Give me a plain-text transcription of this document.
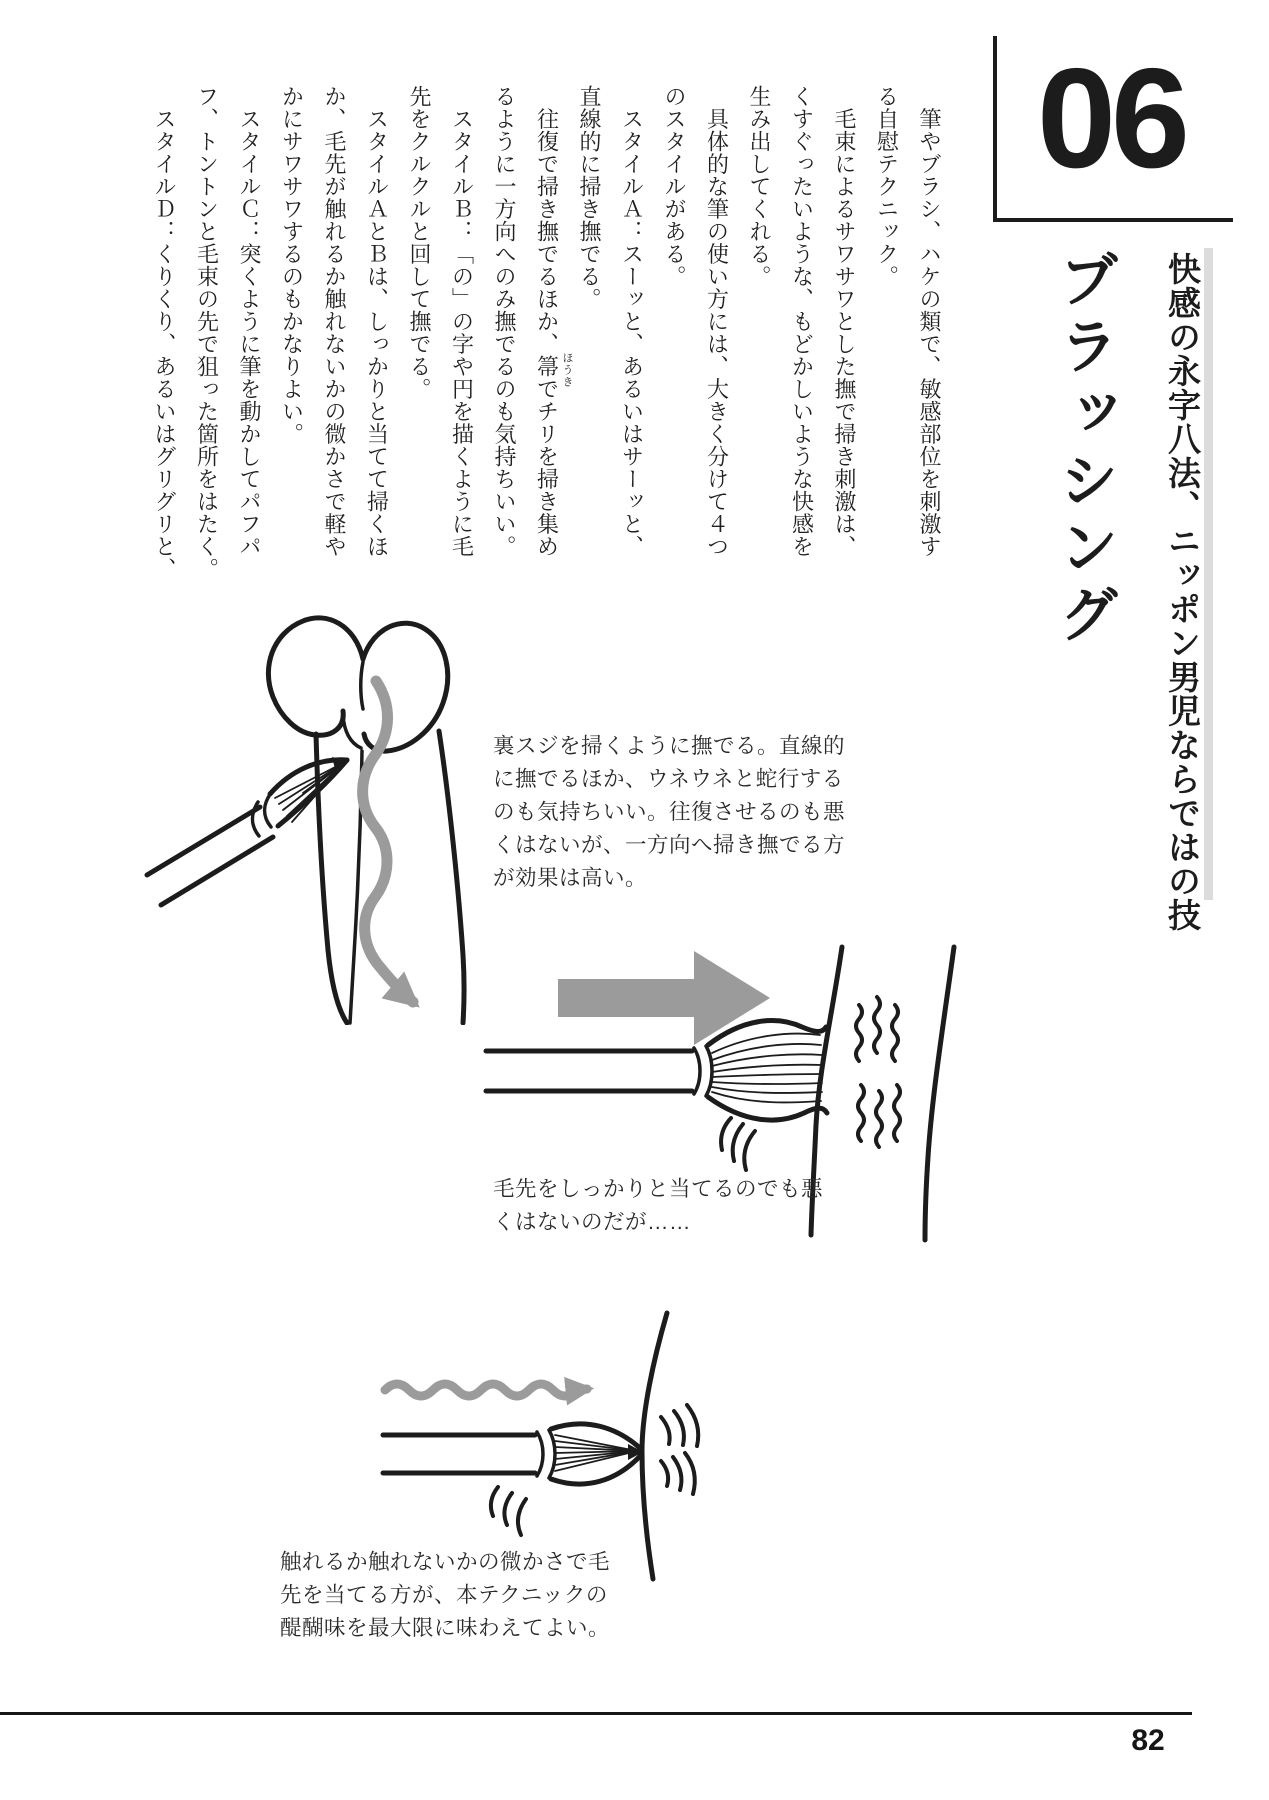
06
快感の永字八法、ニッポン男児ならではの技
ブラッシング
　筆やブラシ、ハケの類で、敏感部位を刺激す
る自慰テクニック。
　毛束によるサワサワとした撫で掃き刺激は、
くすぐったいような、もどかしいような快感を
生み出してくれる。
　具体的な筆の使い方には、大きく分けて４つ
のスタイルがある。
　スタイルＡ：スーッと、あるいはサーッと、
直線的に掃き撫でる。
　往復で掃き撫でるほか、箒でチリを掃き集め
るように一方向へのみ撫でるのも気持ちいい。
　スタイルＢ：「の」の字や円を描くように毛
先をクルクルと回して撫でる。
　スタイルＡとＢは、しっかりと当てて掃くほ
か、毛先が触れるか触れないかの微かさで軽や
かにサワサワするのもかなりよい。
　スタイルＣ：突くように筆を動かしてパフパ
フ、トントンと毛束の先で狙った箇所をはたく。
　スタイルＤ：くりくり、あるいはグリグリと、	ほうき
裏スジを掃くように撫でる。直線的
に撫でるほか、ウネウネと蛇行する
のも気持ちいい。往復させるのも悪
くはないが、一方向へ掃き撫でる方
が効果は高い。
毛先をしっかりと当てるのでも悪
くはないのだが……
触れるか触れないかの微かさで毛
先を当てる方が、本テクニックの
醍醐味を最大限に味わえてよい。
82
